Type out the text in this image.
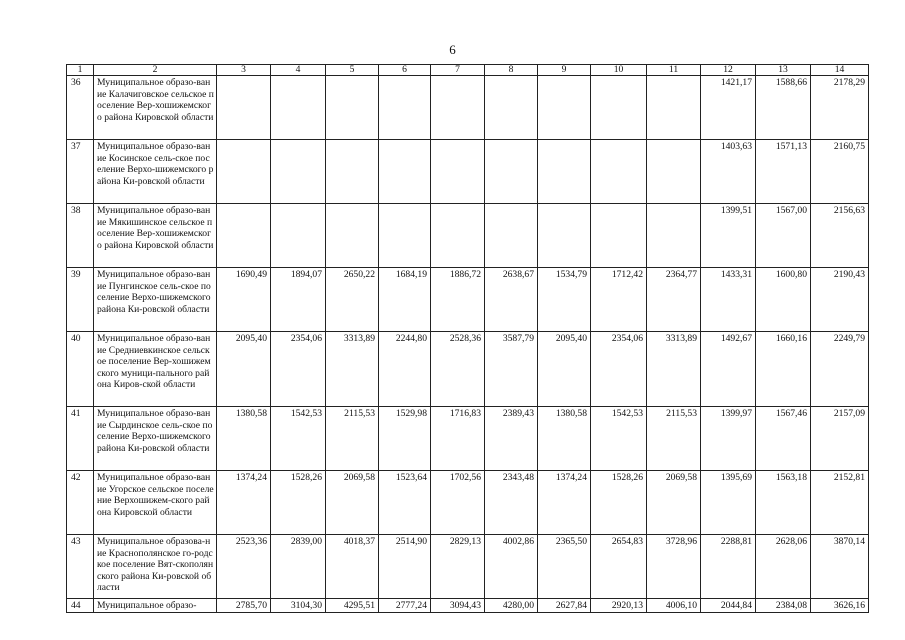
6
1	2	3	4	5	6	7	8	9	10	11	12	13	14
36	Муниципальное образо-вание Калачиговское сельское поселение Вер-хошижемского района Кировской области										1421,17	1588,66	2178,29
37	Муниципальное образо-вание Косинское сель-ское поселение Верхо-шижемского района Ки-ровской области										1403,63	1571,13	2160,75
38	Муниципальное образо-вание Мякишинское сельское поселение Вер-хошижемского района Кировской области										1399,51	1567,00	2156,63
39	Муниципальное образо-вание Пунгинское сель-ское поселение Верхо-шижемского района Ки-ровской области	1690,49	1894,07	2650,22	1684,19	1886,72	2638,67	1534,79	1712,42	2364,77	1433,31	1600,80	2190,43
40	Муниципальное образо-вание Средниевкинское сельское поселение Вер-хошижемского муници-пального района Киров-ской области	2095,40	2354,06	3313,89	2244,80	2528,36	3587,79	2095,40	2354,06	3313,89	1492,67	1660,16	2249,79
41	Муниципальное образо-вание Сырдинское сель-ское поселение Верхо-шижемского района Ки-ровской области	1380,58	1542,53	2115,53	1529,98	1716,83	2389,43	1380,58	1542,53	2115,53	1399,97	1567,46	2157,09
42	Муниципальное образо-вание Угорское сельское поселение Верхошижем-ского района Кировской области	1374,24	1528,26	2069,58	1523,64	1702,56	2343,48	1374,24	1528,26	2069,58	1395,69	1563,18	2152,81
43	Муниципальное образова-ние Краснополянское го-родское поселение Вят-скополянского района Ки-ровской области	2523,36	2839,00	4018,37	2514,90	2829,13	4002,86	2365,50	2654,83	3728,96	2288,81	2628,06	3870,14
44	Муниципальное образо-	2785,70	3104,30	4295,51	2777,24	3094,43	4280,00	2627,84	2920,13	4006,10	2044,84	2384,08	3626,16
